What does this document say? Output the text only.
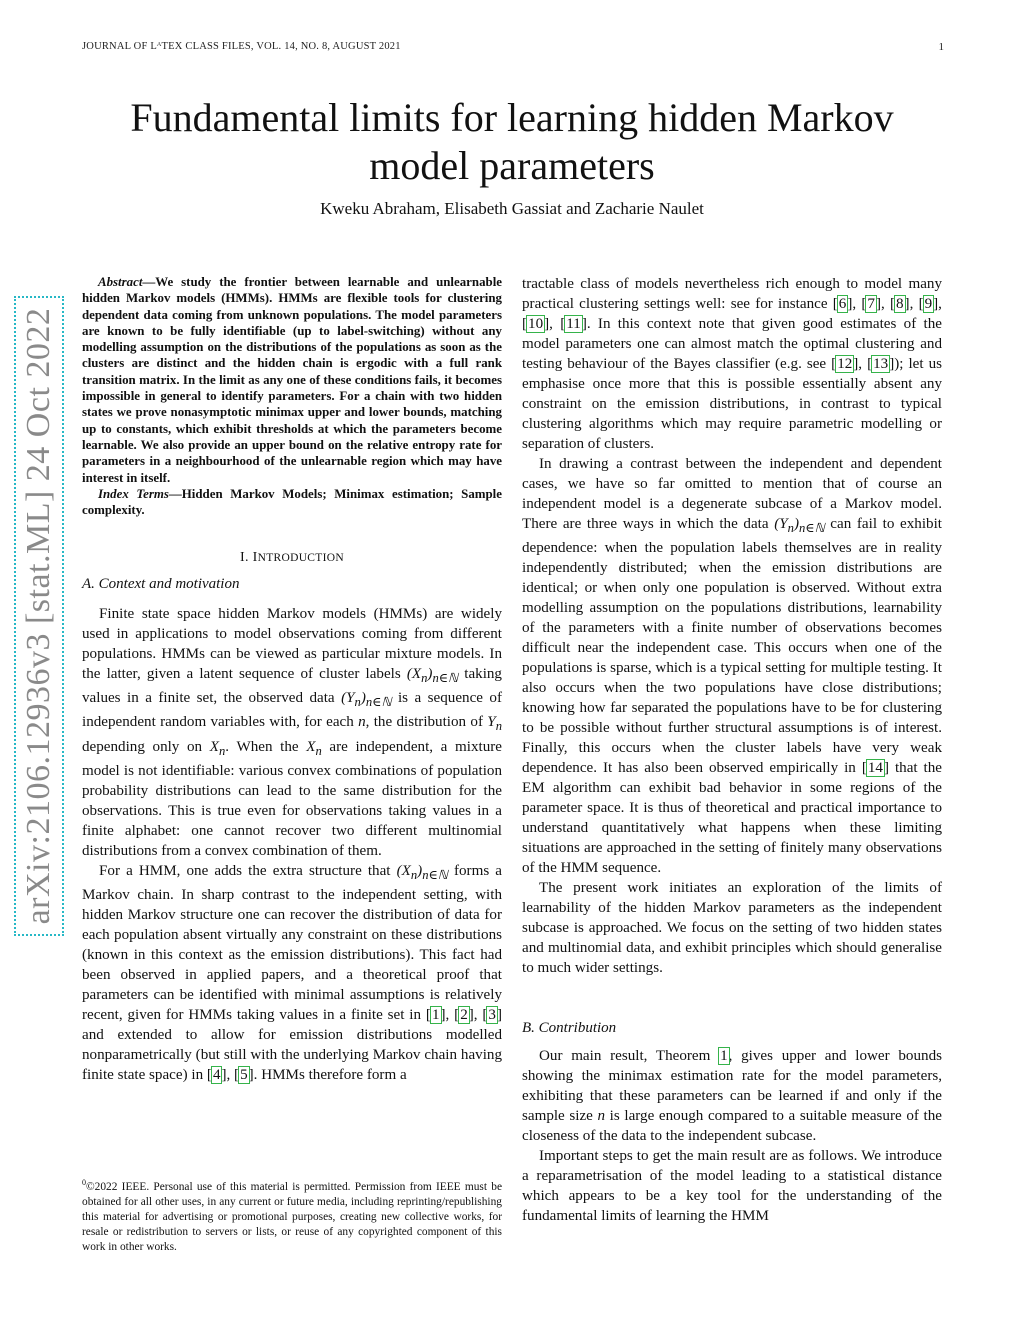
JOURNAL OF LᴬTEX CLASS FILES, VOL. 14, NO. 8, AUGUST 2021	1
arXiv:2106.12936v3 [stat.ML] 24 Oct 2022
Fundamental limits for learning hidden Markov model parameters
Kweku Abraham, Elisabeth Gassiat and Zacharie Naulet

Abstract—We study the frontier between learnable and unlearnable hidden Markov models (HMMs). HMMs are flexible tools for clustering dependent data coming from unknown populations. The model parameters are known to be fully identifiable (up to label-switching) without any modelling assumption on the distributions of the populations as soon as the clusters are distinct and the hidden chain is ergodic with a full rank transition matrix. In the limit as any one of these conditions fails, it becomes impossible in general to identify parameters. For a chain with two hidden states we prove nonasymptotic minimax upper and lower bounds, matching up to constants, which exhibit thresholds at which the parameters become learnable. We also provide an upper bound on the relative entropy rate for parameters in a neighbourhood of the unlearnable region which may have interest in itself.

Index Terms—Hidden Markov Models; Minimax estimation; Sample complexity.

I. INTRODUCTION
A. Context and motivation

Finite state space hidden Markov models (HMMs) are widely used in applications to model observations coming from different populations. HMMs can be viewed as particular mixture models. In the latter, given a latent sequence of cluster labels $(X_n)_{n\in ℕ}$ taking values in a finite set, the observed data $(Y_n)_{n\in ℕ}$ is a sequence of independent random variables with, for each n, the distribution of $Y_n$ depending only on $X_n$. When the $X_n$ are independent, a mixture model is not identifiable: various convex combinations of population probability distributions can lead to the same distribution for the observations. This is true even for observations taking values in a finite alphabet: one cannot recover two different multinomial distributions from a convex combination of them.

For a HMM, one adds the extra structure that $(X_n)_{n\in ℕ}$ forms a Markov chain. In sharp contrast to the independent setting, with hidden Markov structure one can recover the distribution of data for each population absent virtually any constraint on these distributions (known in this context as the emission distributions). This fact had been observed in applied papers, and a theoretical proof that parameters can be identified with minimal assumptions is relatively recent, given for HMMs taking values in a finite set in [1], [2], [3] and extended to allow for emission distributions modelled nonparametrically (but still with the underlying Markov chain having finite state space) in [4], [5]. HMMs therefore form a

$^0$©2022 IEEE. Personal use of this material is permitted. Permission from IEEE must be obtained for all other uses, in any current or future media, including reprinting/republishing this material for advertising or promotional purposes, creating new collective works, for resale or redistribution to servers or lists, or reuse of any copyrighted component of this work in other works.

tractable class of models nevertheless rich enough to model many practical clustering settings well: see for instance [6], [7], [8], [9], [10], [11]. In this context note that given good estimates of the model parameters one can almost match the optimal clustering and testing behaviour of the Bayes classifier (e.g. see [12], [13]); let us emphasise once more that this is possible essentially absent any constraint on the emission distributions, in contrast to typical clustering algorithms which may require parametric modelling or separation of clusters.

In drawing a contrast between the independent and dependent cases, we have so far omitted to mention that of course an independent model is a degenerate subcase of a Markov model. There are three ways in which the data $(Y_n)_{n\in ℕ}$ can fail to exhibit dependence: when the population labels themselves are in reality independently distributed; when the emission distributions are identical; or when only one population is observed. Without extra modelling assumption on the populations distributions, learnability of the parameters with a finite number of observations becomes difficult near the independent case. This occurs when one of the populations is sparse, which is a typical setting for multiple testing. It also occurs when the two populations have close distributions; knowing how far separated the populations have to be for clustering to be possible without further structural assumptions is of interest. Finally, this occurs when the cluster labels have very weak dependence. It has also been observed empirically in [14] that the EM algorithm can exhibit bad behavior in some regions of the parameter space. It is thus of theoretical and practical importance to understand quantitatively what happens when these limiting situations are approached in the setting of finitely many observations of the HMM sequence.

The present work initiates an exploration of the limits of learnability of the hidden Markov parameters as the independent subcase is approached. We focus on the setting of two hidden states and multinomial data, and exhibit principles which should generalise to much wider settings.

B. Contribution

Our main result, Theorem 1, gives upper and lower bounds showing the minimax estimation rate for the model parameters, exhibiting that these parameters can be learned if and only if the sample size n is large enough compared to a suitable measure of the closeness of the data to the independent subcase.

Important steps to get the main result are as follows. We introduce a reparametrisation of the model leading to a statistical distance which appears to be a key tool for the understanding of the fundamental limits of learning the HMM
